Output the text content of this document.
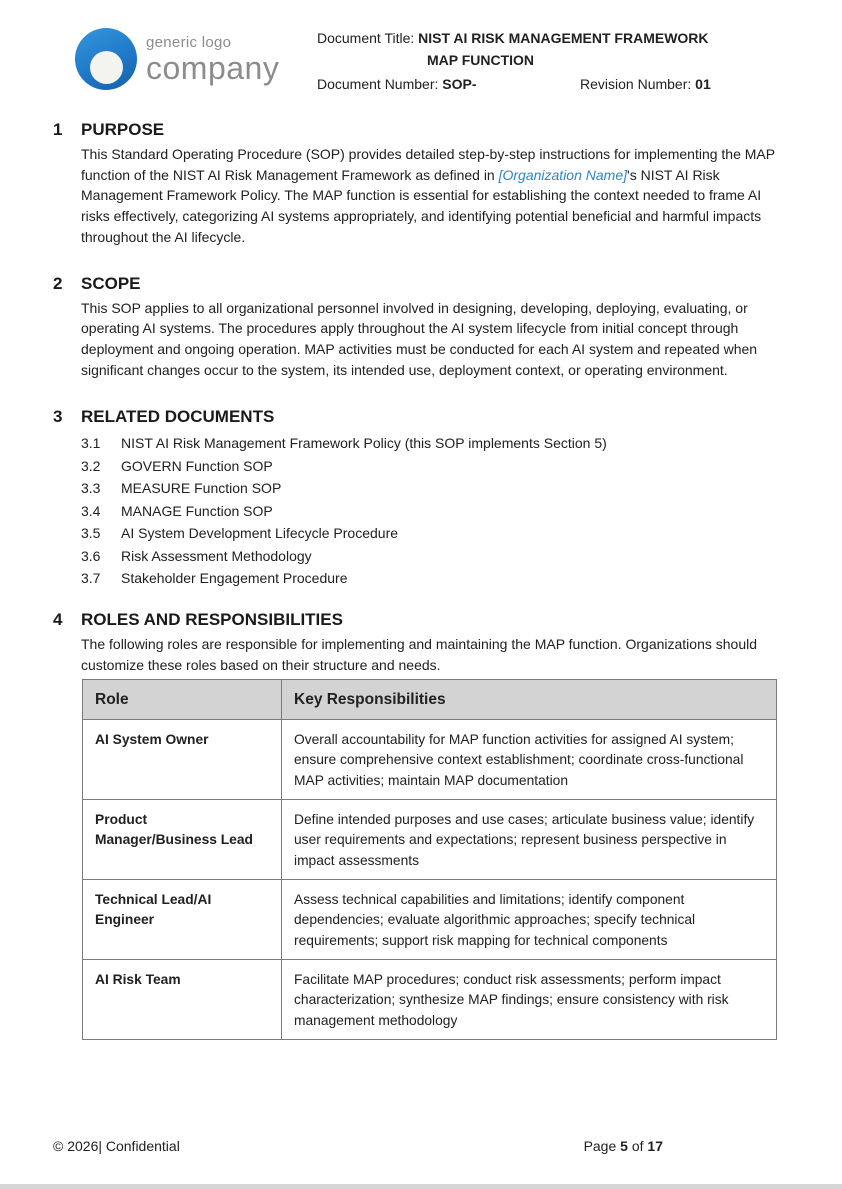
generic logo
company
Document Title: NIST AI RISK MANAGEMENT FRAMEWORK
MAP FUNCTION
Document Number: SOP-	Revision Number: 01
1	PURPOSE
This Standard Operating Procedure (SOP) provides detailed step-by-step instructions for implementing the MAP function of the NIST AI Risk Management Framework as defined in [Organization Name]'s NIST AI Risk Management Framework Policy. The MAP function is essential for establishing the context needed to frame AI risks effectively, categorizing AI systems appropriately, and identifying potential beneficial and harmful impacts throughout the AI lifecycle.
2	SCOPE
This SOP applies to all organizational personnel involved in designing, developing, deploying, evaluating, or operating AI systems. The procedures apply throughout the AI system lifecycle from initial concept through deployment and ongoing operation. MAP activities must be conducted for each AI system and repeated when significant changes occur to the system, its intended use, deployment context, or operating environment.
3	RELATED DOCUMENTS
3.1	NIST AI Risk Management Framework Policy (this SOP implements Section 5)
3.2	GOVERN Function SOP
3.3	MEASURE Function SOP
3.4	MANAGE Function SOP
3.5	AI System Development Lifecycle Procedure
3.6	Risk Assessment Methodology
3.7	Stakeholder Engagement Procedure
4	ROLES AND RESPONSIBILITIES
The following roles are responsible for implementing and maintaining the MAP function. Organizations should customize these roles based on their structure and needs.
Role	Key Responsibilities
AI System Owner	Overall accountability for MAP function activities for assigned AI system; ensure comprehensive context establishment; coordinate cross-functional MAP activities; maintain MAP documentation
Product Manager/Business Lead	Define intended purposes and use cases; articulate business value; identify user requirements and expectations; represent business perspective in impact assessments
Technical Lead/AI Engineer	Assess technical capabilities and limitations; identify component dependencies; evaluate algorithmic approaches; specify technical requirements; support risk mapping for technical components
AI Risk Team	Facilitate MAP procedures; conduct risk assessments; perform impact characterization; synthesize MAP findings; ensure consistency with risk management methodology
© 2026| Confidential	Page 5 of 17
